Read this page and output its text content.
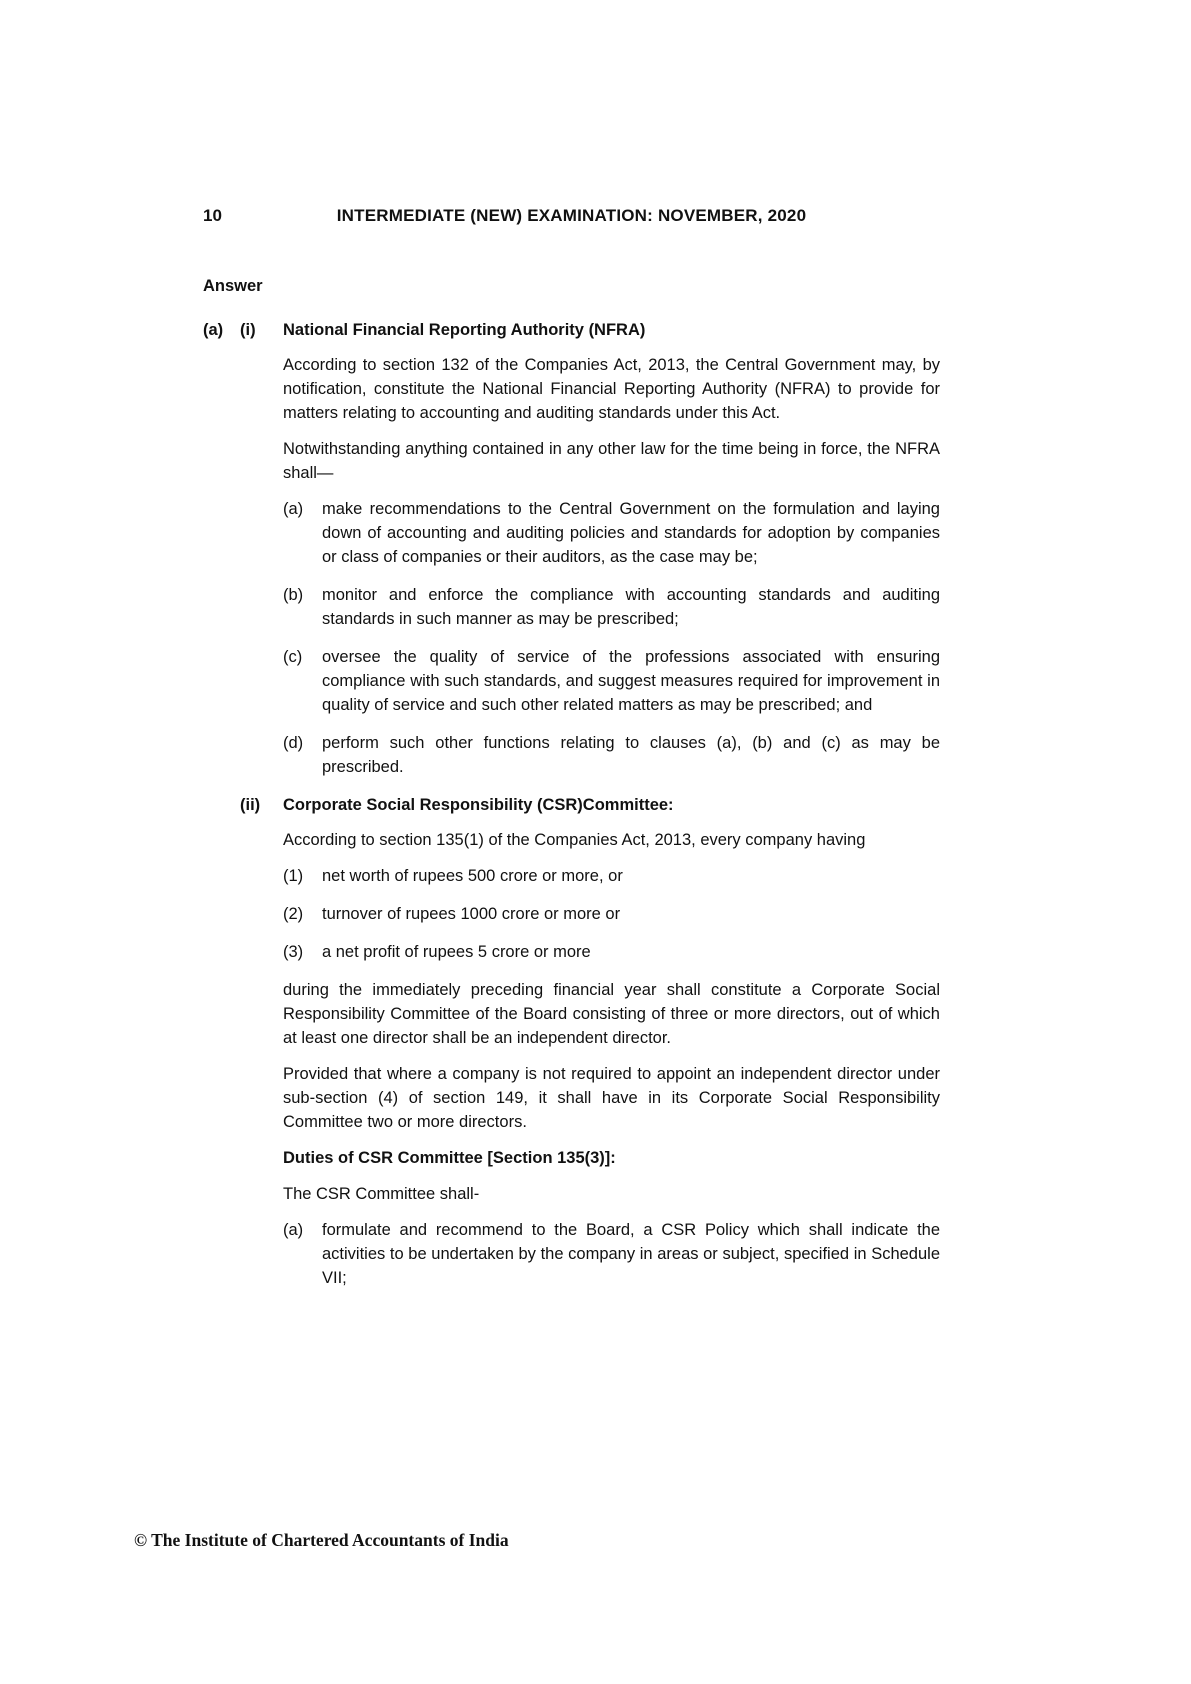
10	INTERMEDIATE (NEW) EXAMINATION: NOVEMBER, 2020
Answer
(a) (i) National Financial Reporting Authority (NFRA)

According to section 132 of the Companies Act, 2013, the Central Government may, by notification, constitute the National Financial Reporting Authority (NFRA) to provide for matters relating to accounting and auditing standards under this Act.

Notwithstanding anything contained in any other law for the time being in force, the NFRA shall—

(a)	make recommendations to the Central Government on the formulation and laying down of accounting and auditing policies and standards for adoption by companies or class of companies or their auditors, as the case may be;

(b)	monitor and enforce the compliance with accounting standards and auditing standards in such manner as may be prescribed;

(c)	oversee the quality of service of the professions associated with ensuring compliance with such standards, and suggest measures required for improvement in quality of service and such other related matters as may be prescribed; and

(d)	perform such other functions relating to clauses (a), (b) and (c) as may be prescribed.

(ii) Corporate Social Responsibility (CSR)Committee:

According to section 135(1) of the Companies Act, 2013, every company having

(1)	net worth of rupees 500 crore or more, or

(2)	turnover of rupees 1000 crore or more or

(3)	a net profit of rupees 5 crore or more

during the immediately preceding financial year shall constitute a Corporate Social Responsibility Committee of the Board consisting of three or more directors, out of which at least one director shall be an independent director.

Provided that where a company is not required to appoint an independent director under sub-section (4) of section 149, it shall have in its Corporate Social Responsibility Committee two or more directors.

Duties of CSR Committee [Section 135(3)]:

The CSR Committee shall-

(a)	formulate and recommend to the Board, a CSR Policy which shall indicate the activities to be undertaken by the company in areas or subject, specified in Schedule VII;

© The Institute of Chartered Accountants of India
